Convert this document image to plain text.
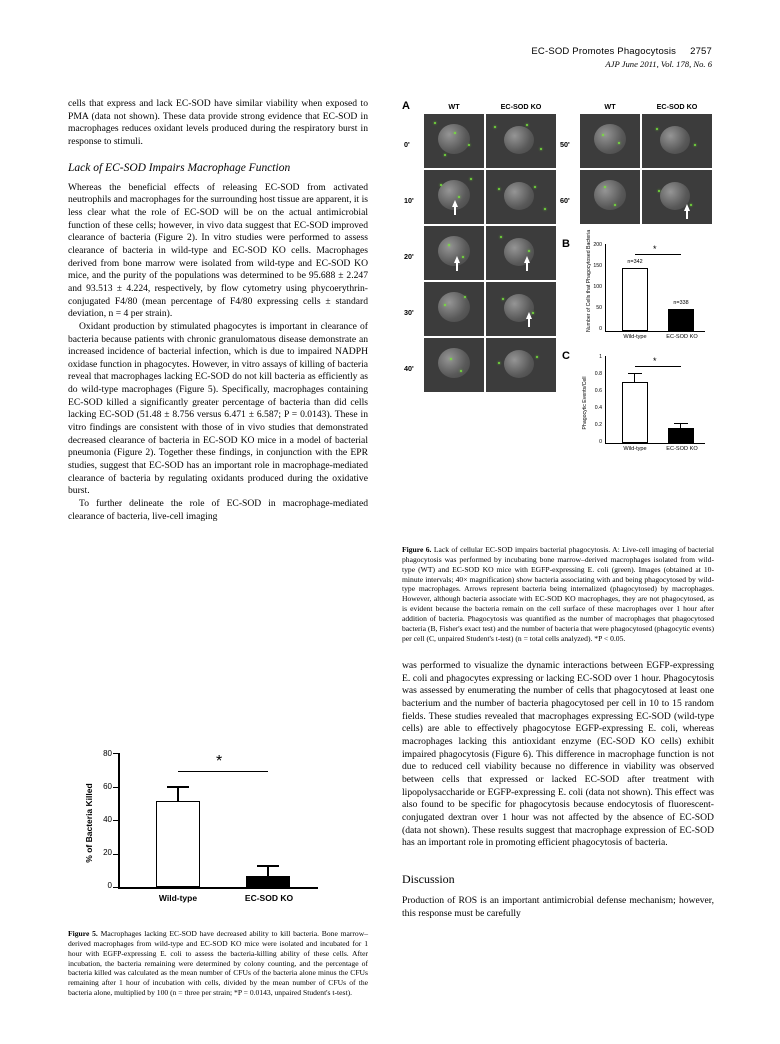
EC-SOD Promotes Phagocytosis 2757
AJP June 2011, Vol. 178, No. 6

cells that express and lack EC-SOD have similar viability when exposed to PMA (data not shown). These data provide strong evidence that EC-SOD in macrophages reduces oxidant levels produced during the respiratory burst in response to stimuli.

Lack of EC-SOD Impairs Macrophage Function

Whereas the beneficial effects of releasing EC-SOD from activated neutrophils and macrophages for the surrounding host tissue are apparent, it is less clear what the role of EC-SOD will be on the actual antimicrobial function of these cells; however, in vivo data suggest that EC-SOD improved clearance of bacteria (Figure 2). In vitro studies were performed to assess clearance of bacteria in wild-type and EC-SOD KO cells. Macrophages derived from bone marrow were isolated from wild-type and EC-SOD KO mice, and the purity of the populations was determined to be 95.688 ± 2.247 and 93.513 ± 4.224, respectively, by flow cytometry using phycoerythrin-conjugated F4/80 (mean percentage of F4/80 expressing cells ± standard deviation, n = 4 per strain).

Oxidant production by stimulated phagocytes is important in clearance of bacteria because patients with chronic granulomatous disease demonstrate an increased incidence of bacterial infection, which is due to impaired NADPH oxidase function in phagocytes. However, in vitro assays of killing of bacteria reveal that macrophages lacking EC-SOD do not kill bacteria as efficiently as do wild-type macrophages (Figure 5). Specifically, macrophages containing EC-SOD killed a significantly greater percentage of bacteria than did cells lacking EC-SOD (51.48 ± 8.756 versus 6.471 ± 6.587; P = 0.0143). These in vitro findings are consistent with those of in vivo studies that demonstrated decreased clearance of bacteria in EC-SOD KO mice in a model of bacterial pneumonia (Figure 2). Together these findings, in conjunction with the EPR studies, suggest that EC-SOD has an important role in macrophage-mediated clearance of bacteria by regulating oxidants produced during the oxidative burst.

To further delineate the role of EC-SOD in macrophage-mediated clearance of bacteria, live-cell imaging

A	WT	EC-SOD KO	WT	EC-SOD KO
0'
10'
20'
30'
40'
50'
60'
B	Number of Cells that Phagocytosed Bacteria 200
150
100
50
0
n=342
n=338
*
Wild-type	EC-SOD KO
C
Phagocytic Events/Cell
1
0.8
0.6
0.4
0.2
0
*
Wild-type	EC-SOD KO
Figure 6. Lack of cellular EC-SOD impairs bacterial phagocytosis. A: Live-cell imaging of bacterial phagocytosis was performed by incubating bone marrow–derived macrophages isolated from wild-type (WT) and EC-SOD KO mice with EGFP-expressing E. coli (green). Images (obtained at 10-minute intervals; 40× magnification) show bacteria associating with and being phagocytosed by wild-type macrophages. Arrows represent bacteria being internalized (phagocytosed) by macrophages. However, although bacteria associate with EC-SOD KO macrophages, they are not phagocytosed, as is evident because the bacteria remain on the cell surface of these macrophages over 1 hour after addition of bacteria. Phagocytosis was quantified as the number of macrophages that phagocytosed bacteria (B, Fisher's exact test) and the number of bacteria that were phagocytosed (phagocytic events) per cell (C, unpaired Student's t-test) (n = total cells analyzed). *P < 0.05.

was performed to visualize the dynamic interactions between EGFP-expressing E. coli and phagocytes expressing or lacking EC-SOD over 1 hour. Phagocytosis was assessed by enumerating the number of cells that phagocytosed at least one bacterium and the number of bacteria phagocytosed per cell in 10 to 15 random fields. These studies revealed that macrophages expressing EC-SOD (wild-type cells) are able to effectively phagocytose EGFP-expressing E. coli, whereas macrophages lacking this antioxidant enzyme (EC-SOD KO cells) exhibit impaired phagocytosis (Figure 6). This difference in macrophage function is not due to reduced cell viability because no difference in viability was observed between cells that expressed or lacked EC-SOD after treatment with lipopolysaccharide or EGFP-expressing E. coli (data not shown). This effect was also found to be specific for phagocytosis because endocytosis of fluorescent-conjugated dextran over 1 hour was not affected by the absence of EC-SOD (data not shown). These results suggest that macrophage expression of EC-SOD has an important role in promoting efficient phagocytosis of bacteria.

Discussion

Production of ROS is an important antimicrobial defense mechanism; however, this response must be carefully

% of Bacteria Killed
80
60
40
20
0
*
Wild-type	EC-SOD KO
Figure 5. Macrophages lacking EC-SOD have decreased ability to kill bacteria. Bone marrow–derived macrophages from wild-type and EC-SOD KO mice were isolated and incubated for 1 hour with EGFP-expressing E. coli to assess the bacteria-killing ability of these cells. After incubation, the bacteria remaining were determined by colony counting, and the percentage of bacteria killed was calculated as the mean number of CFUs of the bacteria alone minus the CFUs remaining after 1 hour of incubation with cells, divided by the mean number of CFUs of the bacteria alone, multiplied by 100 (n = three per strain; *P = 0.0143, unpaired Student's t-test).
